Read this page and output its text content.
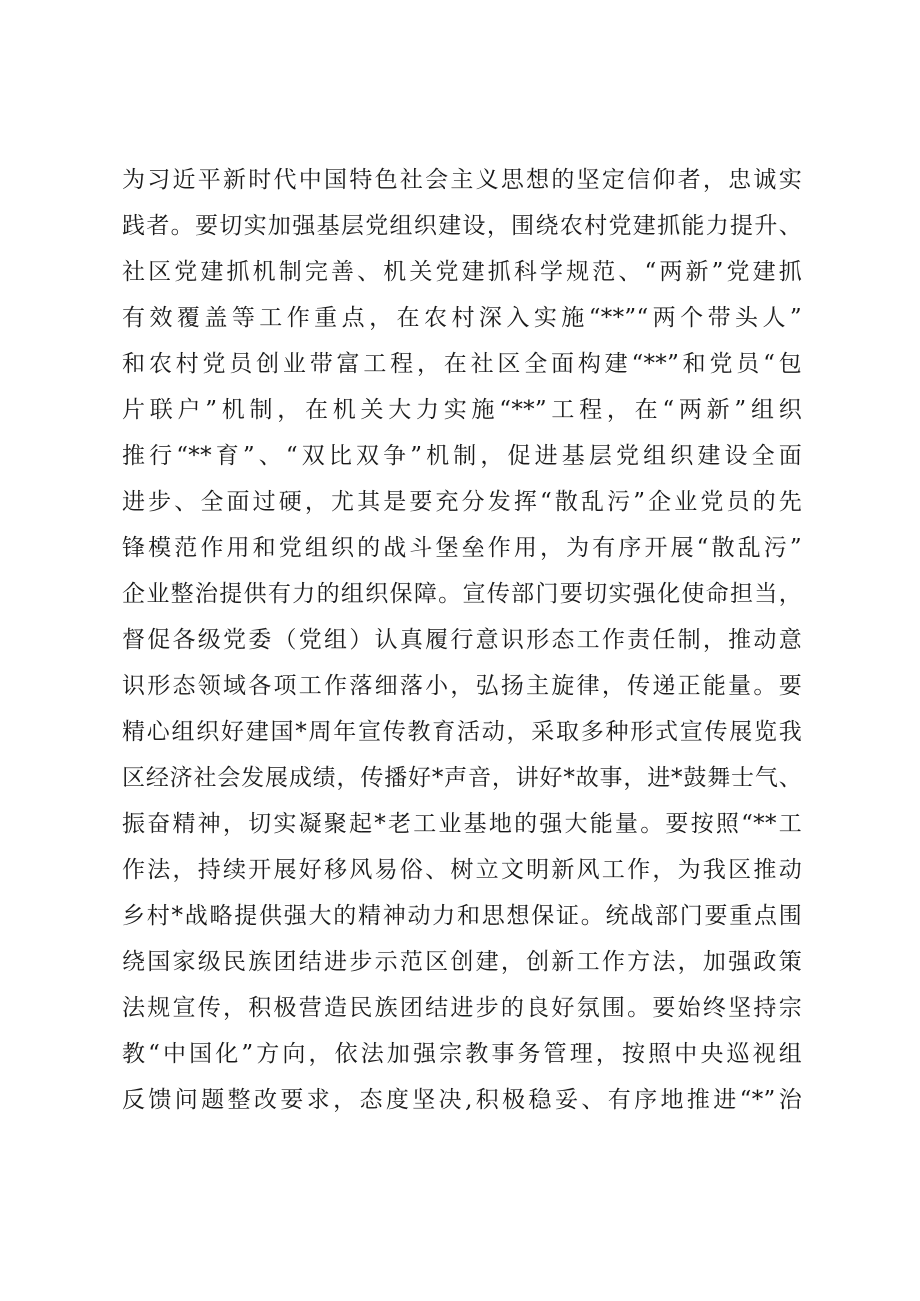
为习近平新时代中国特色社会主义思想的坚定信仰者，忠诚实
践者。要切实加强基层党组织建设，围绕农村党建抓能力提升、
社区党建抓机制完善、机关党建抓科学规范、“两新”党建抓
有效覆盖等工作重点，在农村深入实施“**”“两个带头人”
和农村党员创业带富工程，在社区全面构建“**”和党员“包
片联户”机制，在机关大力实施“**”工程，在“两新”组织
推行“**育”、“双比双争”机制，促进基层党组织建设全面
进步、全面过硬，尤其是要充分发挥“散乱污”企业党员的先
锋模范作用和党组织的战斗堡垒作用，为有序开展“散乱污”
企业整治提供有力的组织保障。宣传部门要切实强化使命担当，
督促各级党委（党组）认真履行意识形态工作责任制，推动意
识形态领域各项工作落细落小，弘扬主旋律，传递正能量。要
精心组织好建国*周年宣传教育活动，采取多种形式宣传展览我
区经济社会发展成绩，传播好*声音，讲好*故事，进*鼓舞士气、
振奋精神，切实凝聚起*老工业基地的强大能量。要按照“**工
作法，持续开展好移风易俗、树立文明新风工作，为我区推动
乡村*战略提供强大的精神动力和思想保证。统战部门要重点围
绕国家级民族团结进步示范区创建，创新工作方法，加强政策
法规宣传，积极营造民族团结进步的良好氛围。要始终坚持宗
教“中国化”方向，依法加强宗教事务管理，按照中央巡视组
反馈问题整改要求，态度坚决,积极稳妥、有序地推进“*”治
